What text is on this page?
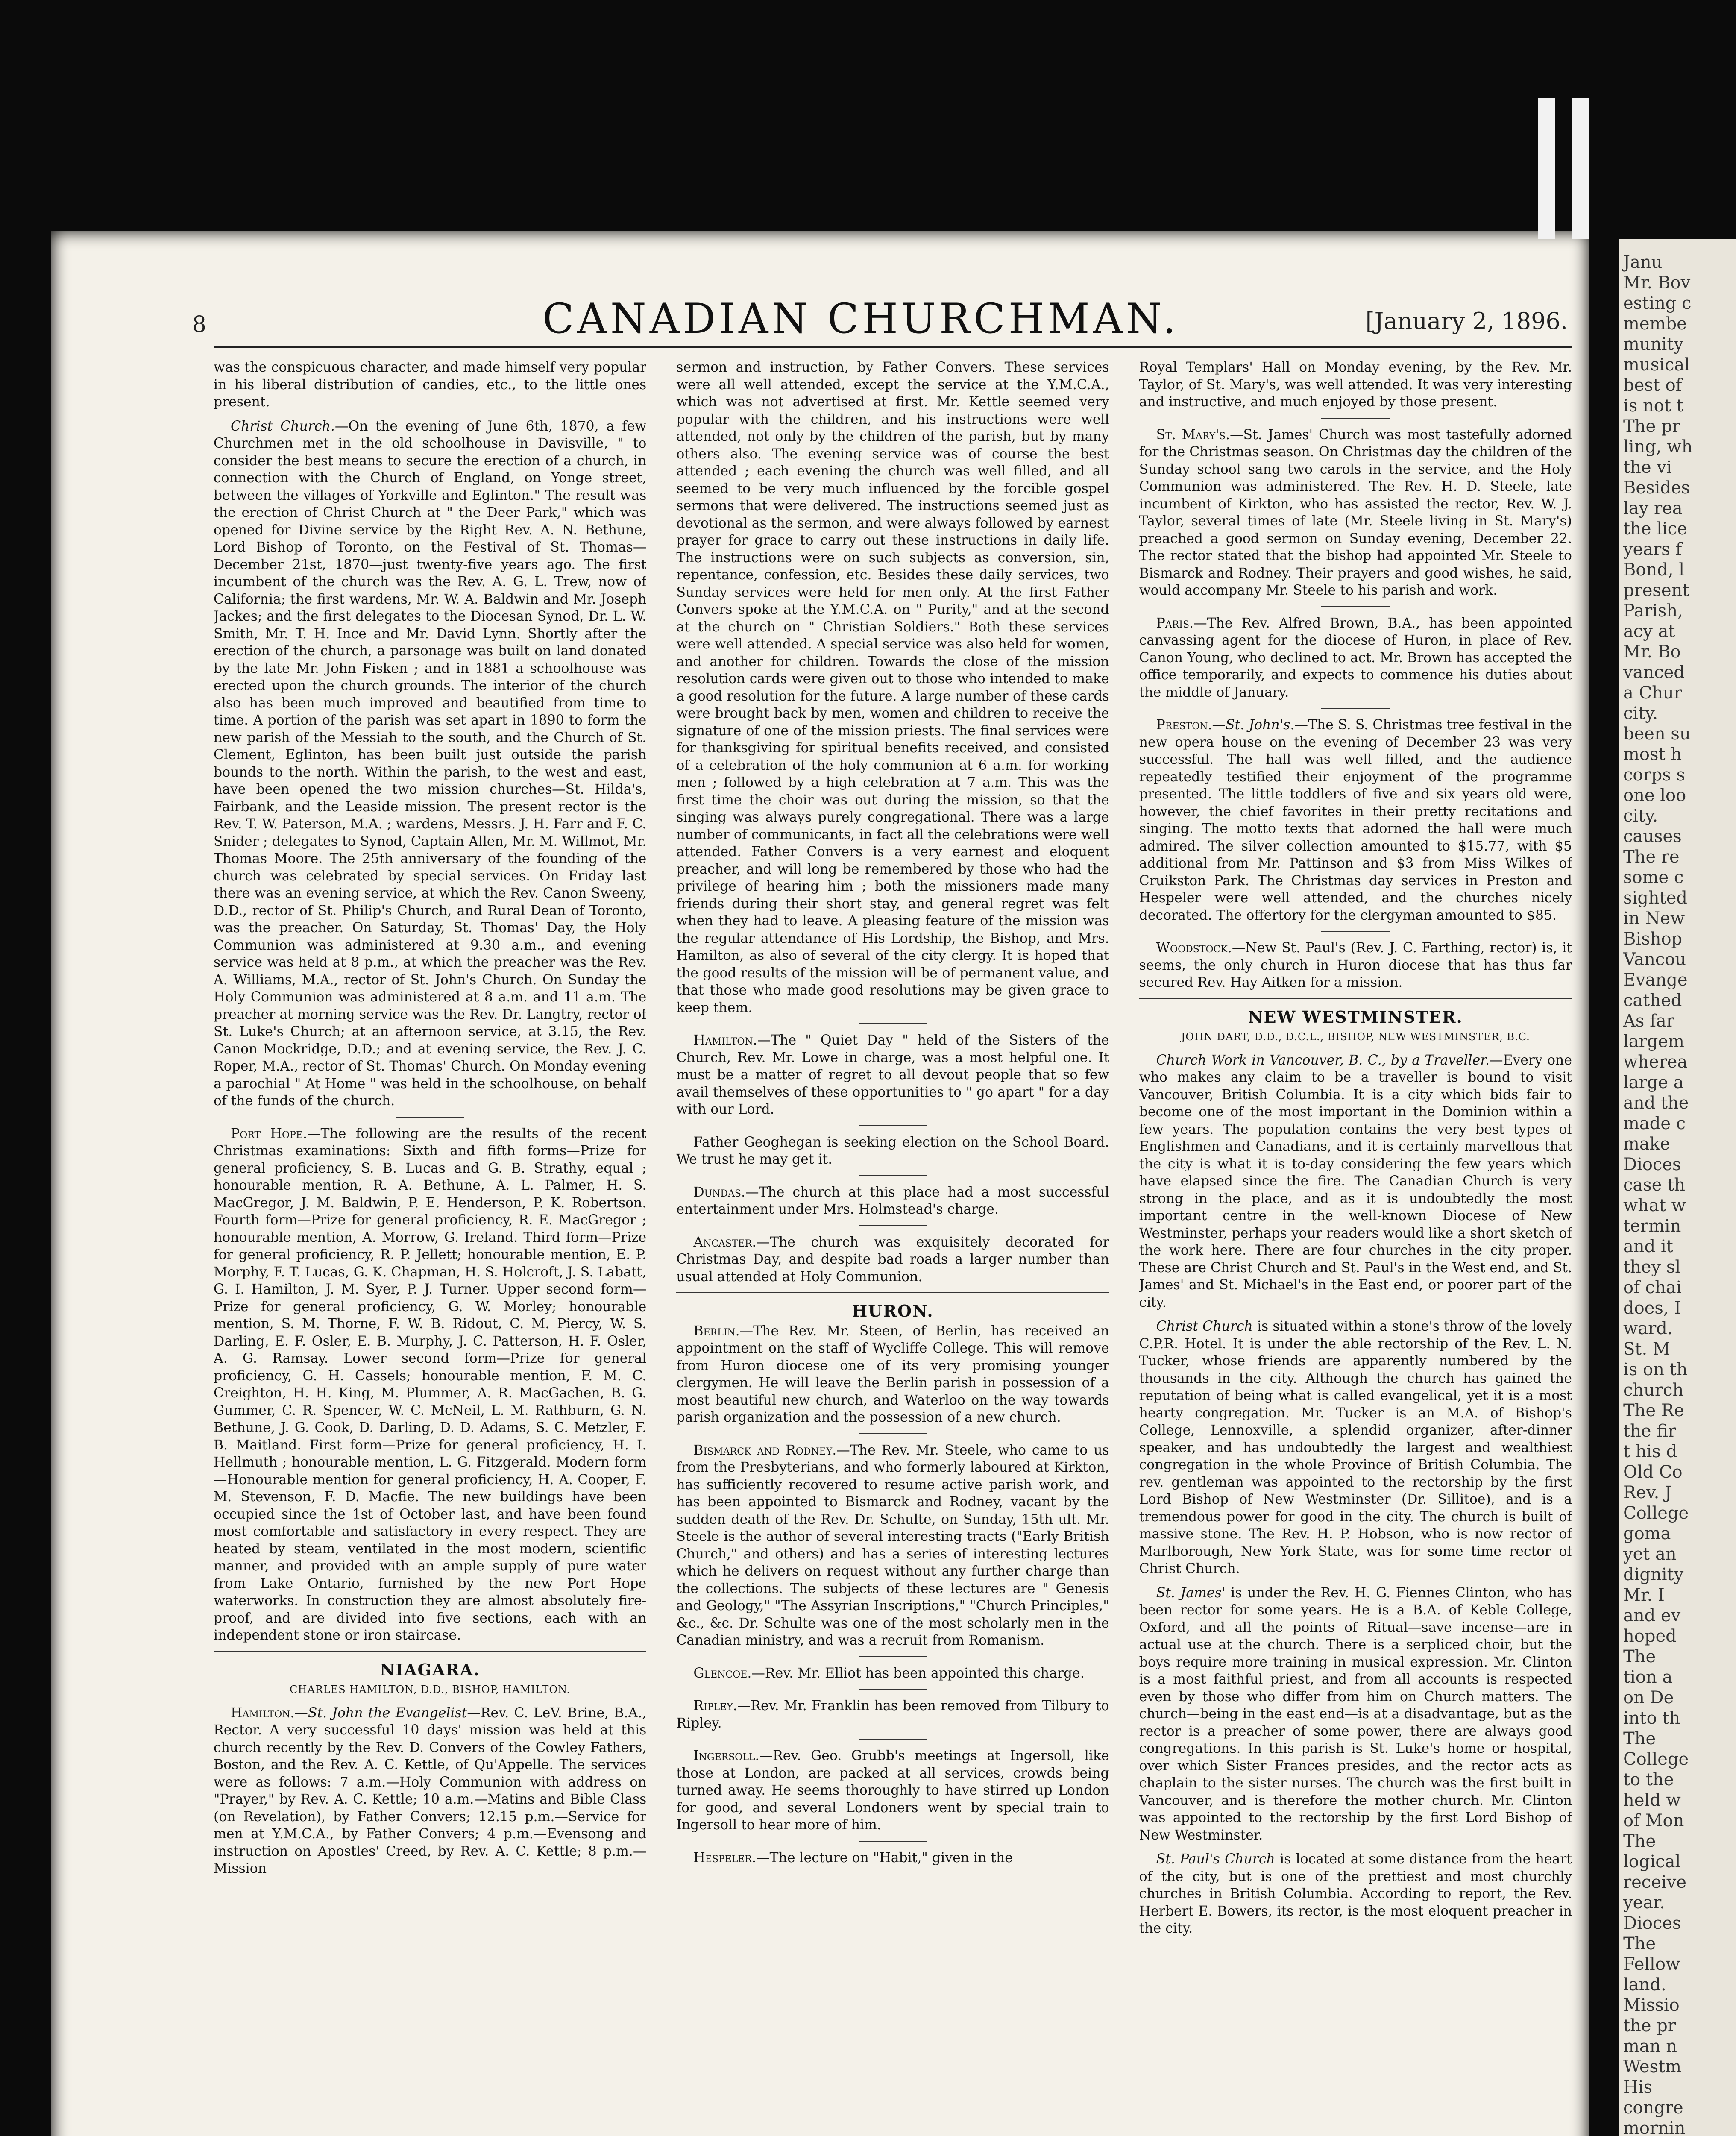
8	CANADIAN CHURCHMAN.	[January 2, 1896.

was the conspicuous character, and made himself very popular in his liberal distribution of candies, etc., to the little ones present.

Christ Church.—On the evening of June 6th, 1870, a few Churchmen met in the old schoolhouse in Davisville, " to consider the best means to secure the erection of a church, in connection with the Church of England, on Yonge street, between the villages of Yorkville and Eglinton." The result was the erection of Christ Church at " the Deer Park," which was opened for Divine service by the Right Rev. A. N. Bethune, Lord Bishop of Toronto, on the Festival of St. Thomas—December 21st, 1870—just twenty-five years ago. The first incumbent of the church was the Rev. A. G. L. Trew, now of California; the first wardens, Mr. W. A. Baldwin and Mr. Joseph Jackes; and the first delegates to the Diocesan Synod, Dr. L. W. Smith, Mr. T. H. Ince and Mr. David Lynn. Shortly after the erection of the church, a parsonage was built on land donated by the late Mr. John Fisken ; and in 1881 a schoolhouse was erected upon the church grounds. The interior of the church also has been much improved and beautified from time to time. A portion of the parish was set apart in 1890 to form the new parish of the Messiah to the south, and the Church of St. Clement, Eglinton, has been built just outside the parish bounds to the north. Within the parish, to the west and east, have been opened the two mission churches—St. Hilda's, Fairbank, and the Leaside mission. The present rector is the Rev. T. W. Paterson, M.A. ; wardens, Messrs. J. H. Farr and F. C. Snider ; delegates to Synod, Captain Allen, Mr. M. Willmot, Mr. Thomas Moore. The 25th anniversary of the founding of the church was celebrated by special services. On Friday last there was an evening service, at which the Rev. Canon Sweeny, D.D., rector of St. Philip's Church, and Rural Dean of Toronto, was the preacher. On Saturday, St. Thomas' Day, the Holy Communion was administered at 9.30 a.m., and evening service was held at 8 p.m., at which the preacher was the Rev. A. Williams, M.A., rector of St. John's Church. On Sunday the Holy Communion was administered at 8 a.m. and 11 a.m. The preacher at morning service was the Rev. Dr. Langtry, rector of St. Luke's Church; at an afternoon service, at 3.15, the Rev. Canon Mockridge, D.D.; and at evening service, the Rev. J. C. Roper, M.A., rector of St. Thomas' Church. On Monday evening a parochial " At Home " was held in the schoolhouse, on behalf of the funds of the church.

Port Hope.—The following are the results of the recent Christmas examinations: Sixth and fifth forms—Prize for general proficiency, S. B. Lucas and G. B. Strathy, equal ; honourable mention, R. A. Bethune, A. L. Palmer, H. S. MacGregor, J. M. Baldwin, P. E. Henderson, P. K. Robertson. Fourth form—Prize for general proficiency, R. E. MacGregor ; honourable mention, A. Morrow, G. Ireland. Third form—Prize for general proficiency, R. P. Jellett; honourable mention, E. P. Morphy, F. T. Lucas, G. K. Chapman, H. S. Holcroft, J. S. Labatt, G. I. Hamilton, J. M. Syer, P. J. Turner. Upper second form—Prize for general proficiency, G. W. Morley; honourable mention, S. M. Thorne, F. W. B. Ridout, C. M. Piercy, W. S. Darling, E. F. Osler, E. B. Murphy, J. C. Patterson, H. F. Osler, A. G. Ramsay. Lower second form—Prize for general proficiency, G. H. Cassels; honourable mention, F. M. C. Creighton, H. H. King, M. Plummer, A. R. MacGachen, B. G. Gummer, C. R. Spencer, W. C. McNeil, L. M. Rathburn, G. N. Bethune, J. G. Cook, D. Darling, D. D. Adams, S. C. Metzler, F. B. Maitland. First form—Prize for general proficiency, H. I. Hellmuth ; honourable mention, L. G. Fitzgerald. Modern form—Honourable mention for general proficiency, H. A. Cooper, F. M. Stevenson, F. D. Macfie. The new buildings have been occupied since the 1st of October last, and have been found most comfortable and satisfactory in every respect. They are heated by steam, ventilated in the most modern, scientific manner, and provided with an ample supply of pure water from Lake Ontario, furnished by the new Port Hope waterworks. In construction they are almost absolutely fire-proof, and are divided into five sections, each with an independent stone or iron staircase.

NIAGARA.
CHARLES HAMILTON, D.D., BISHOP, HAMILTON.

Hamilton.—St. John the Evangelist—Rev. C. LeV. Brine, B.A., Rector. A very successful 10 days' mission was held at this church recently by the Rev. D. Convers of the Cowley Fathers, Boston, and the Rev. A. C. Kettle, of Qu'Appelle. The services were as follows: 7 a.m.—Holy Communion with address on "Prayer," by Rev. A. C. Kettle; 10 a.m.—Matins and Bible Class (on Revelation), by Father Convers; 12.15 p.m.—Service for men at Y.M.C.A., by Father Convers; 4 p.m.—Evensong and instruction on Apostles' Creed, by Rev. A. C. Kettle; 8 p.m.—Mission

sermon and instruction, by Father Convers. These services were all well attended, except the service at the Y.M.C.A., which was not advertised at first. Mr. Kettle seemed very popular with the children, and his instructions were well attended, not only by the children of the parish, but by many others also. The evening service was of course the best attended ; each evening the church was well filled, and all seemed to be very much influenced by the forcible gospel sermons that were delivered. The instructions seemed just as devotional as the sermon, and were always followed by earnest prayer for grace to carry out these instructions in daily life. The instructions were on such subjects as conversion, sin, repentance, confession, etc. Besides these daily services, two Sunday services were held for men only. At the first Father Convers spoke at the Y.M.C.A. on " Purity," and at the second at the church on " Christian Soldiers." Both these services were well attended. A special service was also held for women, and another for children. Towards the close of the mission resolution cards were given out to those who intended to make a good resolution for the future. A large number of these cards were brought back by men, women and children to receive the signature of one of the mission priests. The final services were for thanksgiving for spiritual benefits received, and consisted of a celebration of the holy communion at 6 a.m. for working men ; followed by a high celebration at 7 a.m. This was the first time the choir was out during the mission, so that the singing was always purely congregational. There was a large number of communicants, in fact all the celebrations were well attended. Father Convers is a very earnest and eloquent preacher, and will long be remembered by those who had the privilege of hearing him ; both the missioners made many friends during their short stay, and general regret was felt when they had to leave. A pleasing feature of the mission was the regular attendance of His Lordship, the Bishop, and Mrs. Hamilton, as also of several of the city clergy. It is hoped that the good results of the mission will be of permanent value, and that those who made good resolutions may be given grace to keep them.

Hamilton.—The " Quiet Day " held of the Sisters of the Church, Rev. Mr. Lowe in charge, was a most helpful one. It must be a matter of regret to all devout people that so few avail themselves of these opportunities to " go apart " for a day with our Lord.

Father Geoghegan is seeking election on the School Board. We trust he may get it.

Dundas.—The church at this place had a most successful entertainment under Mrs. Holmstead's charge.

Ancaster.—The church was exquisitely decorated for Christmas Day, and despite bad roads a larger number than usual attended at Holy Communion.

HURON.

Berlin.—The Rev. Mr. Steen, of Berlin, has received an appointment on the staff of Wycliffe College. This will remove from Huron diocese one of its very promising younger clergymen. He will leave the Berlin parish in possession of a most beautiful new church, and Waterloo on the way towards parish organization and the possession of a new church.

Bismarck and Rodney.—The Rev. Mr. Steele, who came to us from the Presbyterians, and who formerly laboured at Kirkton, has sufficiently recovered to resume active parish work, and has been appointed to Bismarck and Rodney, vacant by the sudden death of the Rev. Dr. Schulte, on Sunday, 15th ult. Mr. Steele is the author of several interesting tracts ("Early British Church," and others) and has a series of interesting lectures which he delivers on request without any further charge than the collections. The subjects of these lectures are " Genesis and Geology," "The Assyrian Inscriptions," "Church Principles," &c., &c. Dr. Schulte was one of the most scholarly men in the Canadian ministry, and was a recruit from Romanism.

Glencoe.—Rev. Mr. Elliot has been appointed this charge.

Ripley.—Rev. Mr. Franklin has been removed from Tilbury to Ripley.

Ingersoll.—Rev. Geo. Grubb's meetings at Ingersoll, like those at London, are packed at all services, crowds being turned away. He seems thoroughly to have stirred up London for good, and several Londoners went by special train to Ingersoll to hear more of him.

Hespeler.—The lecture on "Habit," given in the

Royal Templars' Hall on Monday evening, by the Rev. Mr. Taylor, of St. Mary's, was well attended. It was very interesting and instructive, and much enjoyed by those present.

St. Mary's.—St. James' Church was most tastefully adorned for the Christmas season. On Christmas day the children of the Sunday school sang two carols in the service, and the Holy Communion was administered. The Rev. H. D. Steele, late incumbent of Kirkton, who has assisted the rector, Rev. W. J. Taylor, several times of late (Mr. Steele living in St. Mary's) preached a good sermon on Sunday evening, December 22. The rector stated that the bishop had appointed Mr. Steele to Bismarck and Rodney. Their prayers and good wishes, he said, would accompany Mr. Steele to his parish and work.

Paris.—The Rev. Alfred Brown, B.A., has been appointed canvassing agent for the diocese of Huron, in place of Rev. Canon Young, who declined to act. Mr. Brown has accepted the office temporarily, and expects to commence his duties about the middle of January.

Preston.—St. John's.—The S. S. Christmas tree festival in the new opera house on the evening of December 23 was very successful. The hall was well filled, and the audience repeatedly testified their enjoyment of the programme presented. The little toddlers of five and six years old were, however, the chief favorites in their pretty recitations and singing. The motto texts that adorned the hall were much admired. The silver collection amounted to $15.77, with $5 additional from Mr. Pattinson and $3 from Miss Wilkes of Cruikston Park. The Christmas day services in Preston and Hespeler were well attended, and the churches nicely decorated. The offertory for the clergyman amounted to $85.

Woodstock.—New St. Paul's (Rev. J. C. Farthing, rector) is, it seems, the only church in Huron diocese that has thus far secured Rev. Hay Aitken for a mission.

NEW WESTMINSTER.
JOHN DART, D.D., D.C.L., BISHOP, NEW WESTMINSTER, B.C.

Church Work in Vancouver, B. C., by a Traveller.—Every one who makes any claim to be a traveller is bound to visit Vancouver, British Columbia. It is a city which bids fair to become one of the most important in the Dominion within a few years. The population contains the very best types of Englishmen and Canadians, and it is certainly marvellous that the city is what it is to-day considering the few years which have elapsed since the fire. The Canadian Church is very strong in the place, and as it is undoubtedly the most important centre in the well-known Diocese of New Westminster, perhaps your readers would like a short sketch of the work here. There are four churches in the city proper. These are Christ Church and St. Paul's in the West end, and St. James' and St. Michael's in the East end, or poorer part of the city.

Christ Church is situated within a stone's throw of the lovely C.P.R. Hotel. It is under the able rectorship of the Rev. L. N. Tucker, whose friends are apparently numbered by the thousands in the city. Although the church has gained the reputation of being what is called evangelical, yet it is a most hearty congregation. Mr. Tucker is an M.A. of Bishop's College, Lennoxville, a splendid organizer, after-dinner speaker, and has undoubtedly the largest and wealthiest congregation in the whole Province of British Columbia. The rev. gentleman was appointed to the rectorship by the first Lord Bishop of New Westminster (Dr. Sillitoe), and is a tremendous power for good in the city. The church is built of massive stone. The Rev. H. P. Hobson, who is now rector of Marlborough, New York State, was for some time rector of Christ Church.

St. James' is under the Rev. H. G. Fiennes Clinton, who has been rector for some years. He is a B.A. of Keble College, Oxford, and all the points of Ritual—save incense—are in actual use at the church. There is a serpliced choir, but the boys require more training in musical expression. Mr. Clinton is a most faithful priest, and from all accounts is respected even by those who differ from him on Church matters. The church—being in the east end—is at a disadvantage, but as the rector is a preacher of some power, there are always good congregations. In this parish is St. Luke's home or hospital, over which Sister Frances presides, and the rector acts as chaplain to the sister nurses. The church was the first built in Vancouver, and is therefore the mother church. Mr. Clinton was appointed to the rectorship by the first Lord Bishop of New Westminster.

St. Paul's Church is located at some distance from the heart of the city, but is one of the prettiest and most churchly churches in British Columbia. According to report, the Rev. Herbert E. Bowers, its rector, is the most eloquent preacher in the city.

Janu
Mr. Bov
esting c
membe
munity
musical
best of
is not t
The pr
ling, wh
the vi
Besides
lay rea
the lice
years f
Bond, l
present
Parish,
acy at
Mr. Bo
vanced
a Chur
city.
been su
most h
corps s
one loo
city.
causes
The re
some c
sighted
in New
Bishop
Vancou
Evange
cathed
As far
largem
wherea
large a
and the
made c
make
Dioces
case th
what w
termin
and it
they sl
of chai
does, I
ward.
St. M
is on th
church
The Re
the fir
t his d
Old Co
Rev. J
College
goma
yet an
dignity
Mr. I
and ev
hoped
The
tion a
on De
into th
The
College
to the
held w
of Mon
The
logical
receive
year.
Dioces
The
Fellow
land.
Missio
the pr
man n
Westm
His
congre
mornin
